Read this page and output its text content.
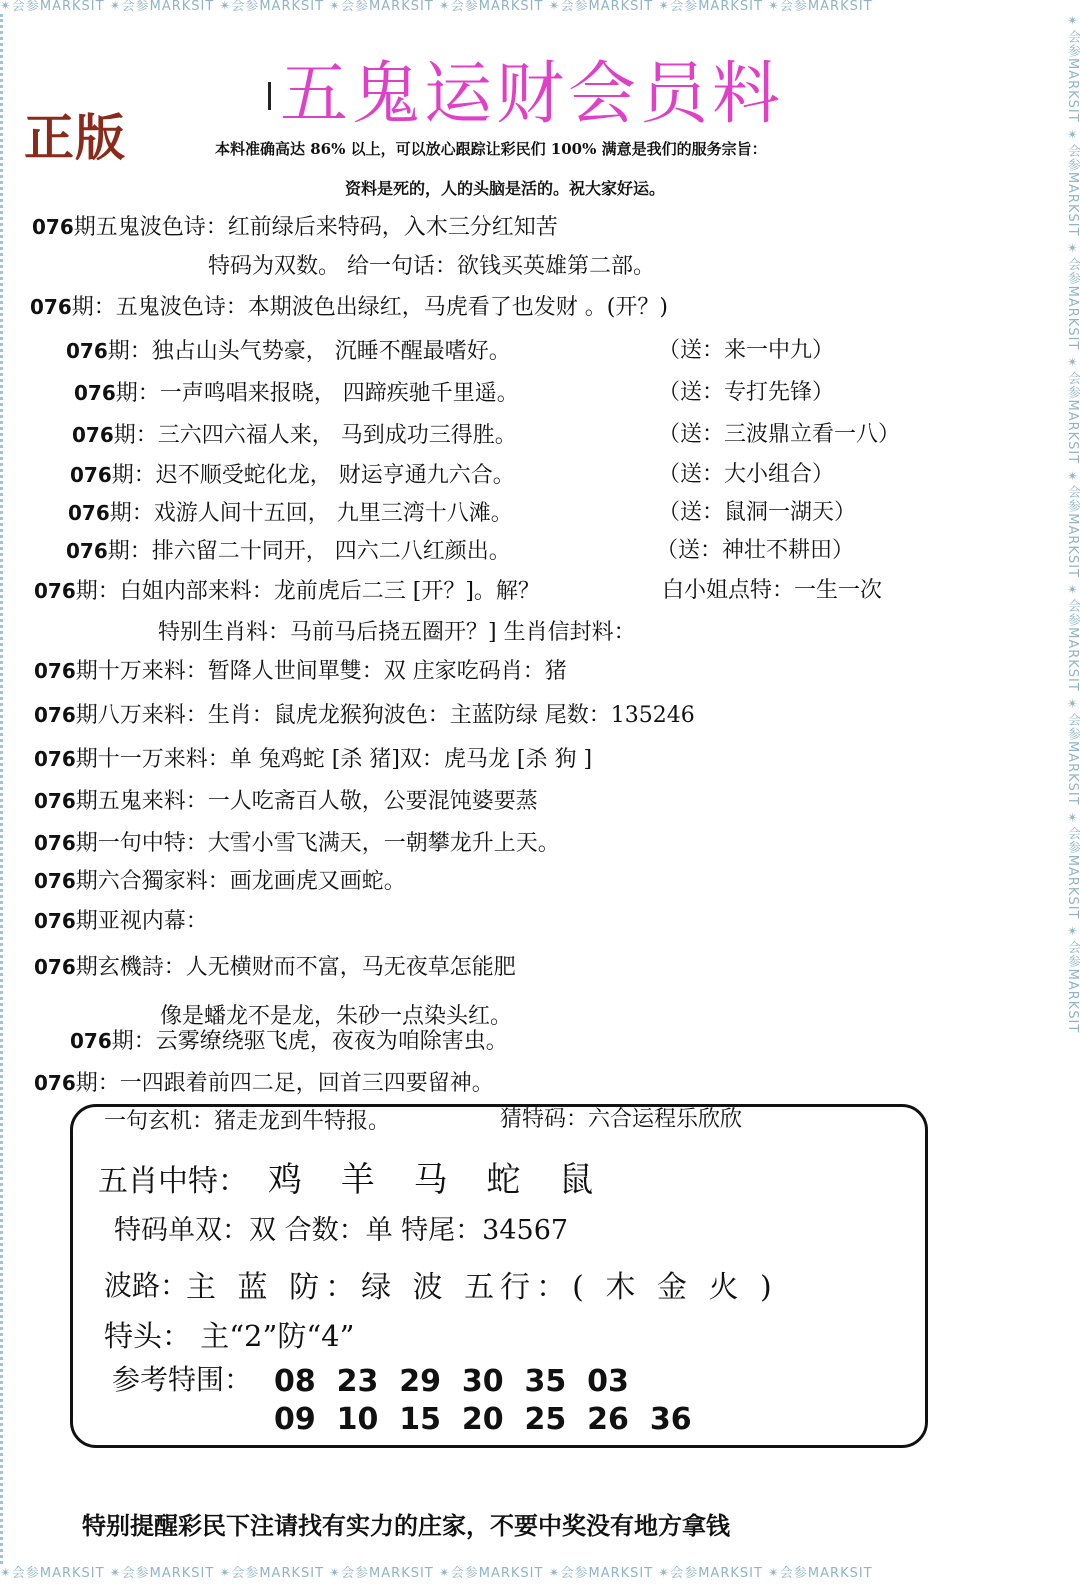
✴会参MARKSIT ✴会参MARKSIT ✴会参MARKSIT ✴会参MARKSIT ✴会参MARKSIT ✴会参MARKSIT ✴会参MARKSIT ✴会参MARKSIT
✴会参MARKSIT ✴会参MARKSIT ✴会参MARKSIT ✴会参MARKSIT ✴会参MARKSIT ✴会参MARKSIT ✴会参MARKSIT ✴会参MARKSIT
✴会参MARKSIT ✴会参MARKSIT ✴会参MARKSIT ✴会参MARKSIT ✴会参MARKSIT ✴会参MARKSIT ✴会参MARKSIT ✴会参MARKSIT ✴会参MARKSIT
正版
五鬼运财会员料
本料准确高达 86% 以上，可以放心跟踪让彩民们 100% 满意是我们的服务宗旨：
资料是死的，人的头脑是活的。祝大家好运。
076期五鬼波色诗：红前绿后来特码，入木三分红知苦
特码为双数。 给一句话：欲钱买英雄第二部。
076期：五鬼波色诗：本期波色出绿红，马虎看了也发财 。(开？)
076期：独占山头气势豪， 沉睡不醒最嗜好。	（送：来一中九）
076期：一声鸣唱来报晓， 四蹄疾驰千里遥。	（送：专打先锋）
076期：三六四六福人来， 马到成功三得胜。	（送：三波鼎立看一八）
076期：迟不顺受蛇化龙， 财运亨通九六合。	（送：大小组合）
076期：戏游人间十五回， 九里三湾十八滩。	（送：鼠洞一湖天）
076期：排六留二十同开， 四六二八红颜出。	（送：神壮不耕田）
076期：白姐内部来料：龙前虎后二三 [开？]。解？	白小姐点特：一生一次
特别生肖料：马前马后挠五圈开？] 生肖信封料：
076期十万来料：暂降人世间單雙：双 庄家吃码肖：猪
076期八万来料：生肖：鼠虎龙猴狗波色：主蓝防绿 尾数：135246
076期十一万来料：单 兔鸡蛇 [杀 猪]双：虎马龙 [杀 狗 ]
076期五鬼来料：一人吃斋百人敬，公要混饨婆要蒸
076期一句中特：大雪小雪飞满天，一朝攀龙升上天。
076期六合獨家料：画龙画虎又画蛇。
076期亚视内幕：
076期玄機詩：人无横财而不富，马无夜草怎能肥
像是蟠龙不是龙，朱砂一点染头红。
076期：云雾缭绕驱飞虎，夜夜为咱除害虫。
076期：一四跟着前四二足，回首三四要留神。
一句玄机：猪走龙到牛特报。	猜特码：六合运程乐欣欣
五肖中特： 鸡 羊 马 蛇 鼠
特码单双：双 合数：单 特尾：34567
波路：
主 蓝 防：绿 波 五行：( 木 金 火 )
特头： 主“2”防“4”
参考特围： 08  23  29  30  35  03
09  10  15  20  25  26  36
特别提醒彩民下注请找有实力的庄家，不要中奖没有地方拿钱
